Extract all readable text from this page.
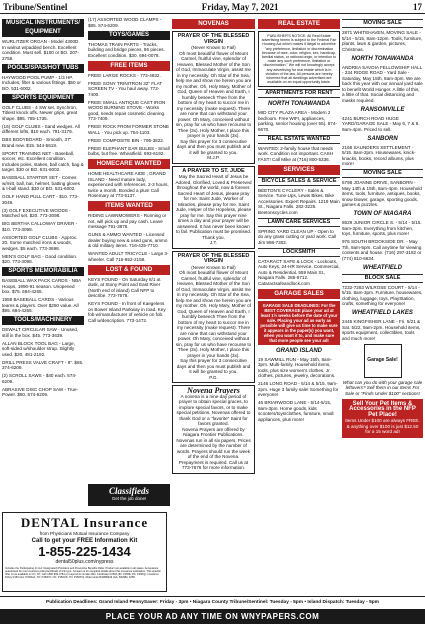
Tribune/Sentinel	Friday, May 7, 2021	17
MUSICAL INSTRUMENTS/ EQUIPMENT
WURLITZER ORGAN - Model 4300D. In walnut w/padded bench. Excellent condition. Must sell. $100 or BO. 207-2758.
POOLS/SPAS/HOT TUBS
HAYWOOD POOL PUMP - 1/3 HP. Includes, filter & various fittings. $50 or BO. 531-6002.
SPORTS EQUIPMENT
GOLF CLUBS - 4 SW set, Synchron, Titleist knock offs. Newer grips, great shape. $95. 785-1735.
(16) GOLF CLUBS - Sand wedges. All different lofts, $10 each. 791-3179.
DBX BODYBOARD - Smooth, 37". Brand new. $15. 544-5618.
SPORT TRAINING NET - Baseball, soccer, etc. Excellent condition. Includes poles, stakes, ball catch, bag & target. $30 or BO. 531-6002.
BASEBALL STARTER SET - Comes w/mitt, ball, bat, helmet, batting gloves & t-ball stand. $30 or BO. 531-6002.
GOLF HAND PULL CART - $10. 773-3049.
(3) GOLF EXECUTIVE WOODS - Matched set. $20. 773-3098.
BIG BERTHA CALLOWAY DRIVER - $10. 773-3098.
ASSORTED GOLF CLUBS - Approx. 20. Some matched irons & woods, wedges. $5 each. 773-3698.
MEN'S GOLF BAG - Good condition. $20. 773-3098.
SPORTS MEMORABILIA
BASEBALL WAX PACK CARDS - NBA Hoops, 1990-91 season. Unopened box. $75. 694-4265.
1958 BASEBALL CARDS - Various teams & players. Over $250 value. All $95. 694-4265.
TOOLS/MACHINERY
DEWALT CIRCULAR SAW - Unused, still in the box. $45. 773-3639.
ALLAN BLOCK TOOL BAG - Large, soft-sided w/shoulder strap. Slightly used. $20. 481-2192.
DRILL PRESS VALVE CRAFT - 8". $65. 374-6209.
(2) SCROLL SAWS - $40 each. 574-6209.
ABRASIVE DISC CHOP SAW - True-Power. $50. 574-6209.
(17) ASSORTED WOOD CLAMPS - $85. 574-6209.
TOYS/GAMES
THOMAS TRAIN PARTS - Tracks, building and bridge pieces, 86 pieces. Excellent condition. $30. 694-0078.
FREE ITEMS
FREE! LARGE ROCKS - 773-4832.
FREE! SONY TRINITRON 32" FLAT SCREEN TV - You haul away. 772-7400.
FREE! SMALL ANTIQUE CAST IRON WOOD BURNING STOVE - Works good, needs repair cosmetic cleaning. 773-7409.
FREE! ROCK FROM FORMER STONE WALL - You pick up. 754-1103.
FREE! COMPOSITE BIN - 795-3822.
FREE! ELEPHANT EAR BULBS - Small bulbs, but free. Wheatfield. 693-6192.
HOMECARE WANTED
HOME HEALTHCARE AIDE , GRAND ISLAND - Need mature lady, experienced with references. 2-3 hours, twice a month. Bonded a plus! Call Rosemary at 773-5137.
ITEMS WANTED
RIDING LAWNMOWERS - Running or not, will pick up and pay cash. Leave message 791-3876.
GUNS & AMMO WANTED - Licensed dealer buying new & used guns, ammo & old military items. 716-425-7710.
WANTED ADULT TRICYCLE - Large 3-wheeler. Call 716-652-2158.
LOST & FOUND
KEYS FOUND - On Saturday 8/1 at dusk, at Stony Point and East River (North end of island) Call NFP to describe. 773-7676.
KEYS FOUND - In front of Kaegelens on Bower Island Parkway in road. Key fob w/manufacturer of vehicle on fob. Call w/description. 773-1472.
NOVENAS
PRAYER OF THE BLESSED VIRGIN
(Never Known to Fail)
Oh most beautiful flower of Mount Carmel, fruitful vine, splendor of Heaven, Blessed Mother of the Son of God, Immaculate Virgin, assist me in my necessity. Oh Star of the Sea, help me and show me herein you are my mother. Oh, Holy Mary, Mother of God, Queen of Heaven and Earth, I humbly beseech Thee from the bottom of my heart to succor me in my necessity (make request). There are none that can withstand your power. Oh Mary, conceived without sin, pray for us who have recourse to Thee (3x). Holy Mother, I place this prayer in your hands (3x).
Say this prayer for 3 consecutive days and then you must publish and it will be granted to you.
M.J.P.
A PRAYER TO ST. JUDE
May the Sacred Heart of Jesus be Adored, Glorified, Loved & Preserved throughout the world, now & forever. Sacred Heart of Jesus, please pray for me. Saint Jude, Worker of Miracles, please pray for me. Saint Jude, Helper of the Hopeless, please pray for me. Say this prayer nine times a day and your prayer will be answered. It has never been known to fail. Publication must be promised. Thank you.
J.T.
PRAYER OF THE BLESSED VIRGIN
(Never Known to Fail)
Oh most beautiful flower of Mount Carmel, fruitful vine, splendor of Heaven, Blessed Mother of the Son of God, Immaculate Virgin, assist me in my necessity. Oh Star of the Sea, help me and show me herein you are my mother. Oh, Holy Mary, Mother of God, Queen of Heaven and Earth, I humbly beseech Thee from the bottom of my heart to succor me in my necessity (make request). There are none that can withstand your power. Oh Mary, conceived without sin, pray for us who have recourse to Thee (3x). Holy Mother, I place this prayer in your hands (3x).
Say this prayer for 3 consecutive days and then you must publish and it will be granted to you.
P.G.
Novena Prayers
A novena is a nine-day period of prayer to obtain special graces, to implore special favors, or to make special petitions. Novenas offered to thank God or a "favorite" Saint for favors granted.
Novena Prayers are offered by Niagara Frontier Publications. Novenas run in all six papers. Prices are determined by the number of words. Prayers should run the week of the end of the Novena. Prepayment is required. Call us at 773-7676 for more information.
REAL ESTATE
PUBLISHER'S NOTICE: All Real Estate advertising herein is subject to the Federal Fair Housing Act which makes it illegal to advertise "any preference, limitation or discrimination because of race, color, religion, sex, handicap, familial status, or national origin, or intention to make any such preference, limitation or discrimination." We will not knowingly accept any advertising for real estate which is in violation of the law. All persons are hereby informed that all dwellings advertised are available on an equal opportunity basis.
APARTMENTS FOR RENT
NORTH TONAWANDA
MID CITY PLAZA AREA - Modern 2 bedroom. Free WIFI, appliances, parking, senior housing (over 55). 874-6670.
REAL ESTATE WANTED
WANTED: 2-family house that needs work. Condition not important. CASH FAST! Call Mike at (716) 800-5336.
SERVICES
BICYCLE SALES & SERVICE
BEETON'S CYCLERY - Sales & Service. Tune-Ups, Lewis Bikes. Bike Accessories. Expert Repairs. 1219 Main St., Niagara Falls. 282-3225. Beetonscycles.com
LAWN CARE SERVICES
SPRING YARD CLEAN UP - Open to do any grass cutting or yard work. Call Jim 998-7302.
LOCKSMITH
CATARACT SAFE & LOCK - Lockouts, Auto Keys, 24-HR Service. Commercial, Auto & Residential. 559 Main St., Niagara Falls. 285-9712. Cataractsafeandlock.com
GARAGE SALES
GARAGE SALE DEADLINES: For the BEST COVERAGE place your ad at least 1½ weeks before the date of your sale. Placing your ad as early as possible will give us time to make sure it appears in the paper(s) you want, when you want it to, and make sure that more people see your ad!
GRAND ISLAND
19 SAWMILL RUN - May 15th, 8am-3pm. Multi-family. Household items, tools, plus size women's clothes, Jr. clothes, pictures, jewelry, decorations.
2146 LONG ROAD - 5/14 & 5/15. 9am-2pm. Huge 3 family sale! Something for everyone!
46 BRIARWOOD LANE - 5/14-5/15, 9am-3pm. Home goods, kids scooters/toys/clothes, furniture, small appliances, plus more!
MOVING SALE
2871 WHITEHAVEN, MOVING SALE - 5/14 - 5/15, 8am-12pm. Tools, furniture, plants, lawn & garden, pictures, Christmas.
NORTH TONAWANDA
ANDREA SAVOIA FELLOWSHIP HALL - 334 RIDGE ROAD - Yard Sale - Saturday, May 15th, 8am-3pm. We are back this year with our annual yard sale to benefit World Hunger. A little of this, a little of that. Social distancing and masks required.
RANSOMVILLE
4241 BURCH ROAD HUGE YARD/GARAGE SALE - May 6, 7 & 8. 9am-4pm. Priced to sell.
SANBORN
2166 SAUNDERS SETTLEMENT - 5/15. 8am-2pm. Housewares, knick-knacks, books, record albums, plus more!
MOVING SALE
5798 JOANNE DRIVE, SANBORN - May 14th & 15th, 8am-4pm. Household items, tools, furniture, antiques, books, snow blower, garage, sporting goods, games & puzzles.
TOWN OF NIAGARA
8629 JUNIOR CIRCLE S. - 5/14 - 5/15. 9am-3pm. Everything from kitchen, toys, furniture, sports, plus more!
976 SOUTH BROOKSIDE DR. - May 7th, 9am-5pm. Call anytime for viewing contents and house. (716) 297-3182 or (774) 810-6634.
WHEATFIELD
BLOCK SALE
7232-7283 WILROSE COURT - 5/14 - 5/15. 8am-3pm. Furniture, housewares, clothing, luggage, toys, PlayStation, crafts, something for everyone!
WHEATFIELD LAKES
2445 KINGFISHER LANE - Fri. 5/21 & Sat. 5/22, 9am-2pm. Household items, sports equipment, collectibles, tools and much more!
Garage Sale!
What can you do with your garage sale leftovers? Sell them in our Items For Sale or "Finds Under $100" sections!
Sell Your Pet Items & Accessories in the NFP Pet Place!
Items Under $100 are always FREE. & anything over $100 is just $12.50 for a 15 word ad!
Classifieds
Get the job done!
DENTAL Insurance
from Physicians Mutual Insurance Company
Call to get your FREE Information Kit
1-855-225-1434
dental50plus.com/nypress
Includes the Participating (in GA: Designated) Providers and Preventive Benefits Rider. Product not available in all states. Acceptance guaranteed for one insurance policy/certificate of this type. Contact us for complete details about this insurance solicitation. This specific offer is not available in CO, NY; call 1-800-969-4781 or respond for similar offer. Certificate C250A (ID: C250E; PA: C250Q); Insurance Policy P150 (GA: P150GA; NY: P150NY; OK: P150OK; TN: P150TN). Rider kinds B438/B439 (GA: B439B). 6255
Publication Deadlines: Grand Island PennySaver: Friday - 3pm • Niagara County Tribune/Sentinel: Tuesday - 5pm • Island Dispatch: Tuesday - 5pm
PLACE YOUR AD ANY TIME ON WNYPAPERS.COM
